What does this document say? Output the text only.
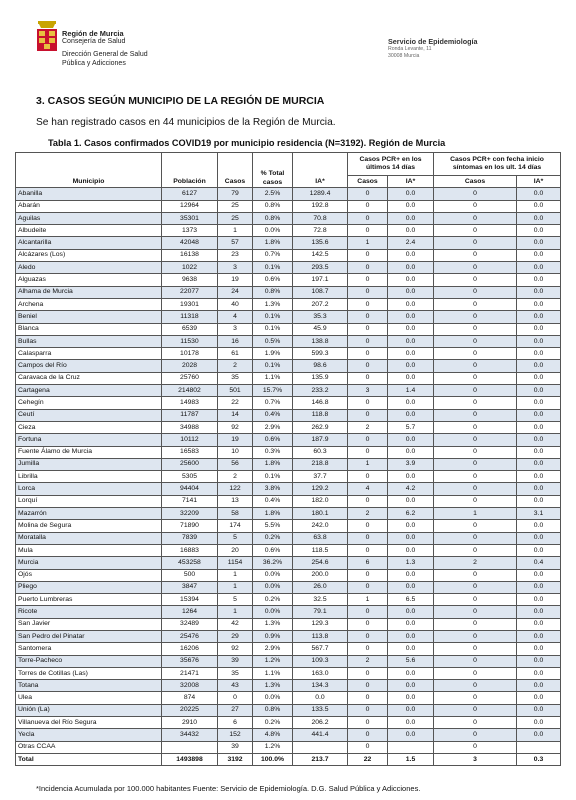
Región de Murcia
Consejería de Salud
Dirección General de Salud
Pública y Adicciones
Servicio de Epidemiología
Ronda Levante, 11
30008 Murcia
3. CASOS SEGÚN MUNICIPIO DE LA REGIÓN DE MURCIA
Se han registrado casos en 44 municipios de la Región de Murcia.
Tabla 1. Casos confirmados COVID19 por municipio residencia (N=3192). Región de Murcia
Municipio	Población	Casos	% Total casos	IA*	Casos PCR+ en los últimos 14 días		Casos PCR+ con fecha inicio síntomas en los ult. 14 días	
					Casos	IA*	Casos	IA*
Abanilla	6127	79	2.5%	1289.4	0	0.0	0	0.0
Abarán	12964	25	0.8%	192.8	0	0.0	0	0.0
Aguilas	35301	25	0.8%	70.8	0	0.0	0	0.0
Albudeite	1373	1	0.0%	72.8	0	0.0	0	0.0
Alcantarilla	42048	57	1.8%	135.6	1	2.4	0	0.0
Alcázares (Los)	16138	23	0.7%	142.5	0	0.0	0	0.0
Aledo	1022	3	0.1%	293.5	0	0.0	0	0.0
Alguazas	9638	19	0.6%	197.1	0	0.0	0	0.0
Alhama de Murcia	22077	24	0.8%	108.7	0	0.0	0	0.0
Archena	19301	40	1.3%	207.2	0	0.0	0	0.0
Beniel	11318	4	0.1%	35.3	0	0.0	0	0.0
Blanca	6539	3	0.1%	45.9	0	0.0	0	0.0
Bullas	11530	16	0.5%	138.8	0	0.0	0	0.0
Calasparra	10178	61	1.9%	599.3	0	0.0	0	0.0
Campos del Río	2028	2	0.1%	98.6	0	0.0	0	0.0
Caravaca de la Cruz	25760	35	1.1%	135.9	0	0.0	0	0.0
Cartagena	214802	501	15.7%	233.2	3	1.4	0	0.0
Cehegín	14983	22	0.7%	146.8	0	0.0	0	0.0
Ceutí	11787	14	0.4%	118.8	0	0.0	0	0.0
Cieza	34988	92	2.9%	262.9	2	5.7	0	0.0
Fortuna	10112	19	0.6%	187.9	0	0.0	0	0.0
Fuente Álamo de Murcia	16583	10	0.3%	60.3	0	0.0	0	0.0
Jumilla	25600	56	1.8%	218.8	1	3.9	0	0.0
Librilla	5305	2	0.1%	37.7	0	0.0	0	0.0
Lorca	94404	122	3.8%	129.2	4	4.2	0	0.0
Lorquí	7141	13	0.4%	182.0	0	0.0	0	0.0
Mazarrón	32209	58	1.8%	180.1	2	6.2	1	3.1
Molina de Segura	71890	174	5.5%	242.0	0	0.0	0	0.0
Moratalla	7839	5	0.2%	63.8	0	0.0	0	0.0
Mula	16883	20	0.6%	118.5	0	0.0	0	0.0
Murcia	453258	1154	36.2%	254.6	6	1.3	2	0.4
Ojós	500	1	0.0%	200.0	0	0.0	0	0.0
Pliego	3847	1	0.0%	26.0	0	0.0	0	0.0
Puerto Lumbreras	15394	5	0.2%	32.5	1	6.5	0	0.0
Ricote	1264	1	0.0%	79.1	0	0.0	0	0.0
San Javier	32489	42	1.3%	129.3	0	0.0	0	0.0
San Pedro del Pinatar	25476	29	0.9%	113.8	0	0.0	0	0.0
Santomera	16206	92	2.9%	567.7	0	0.0	0	0.0
Torre-Pacheco	35676	39	1.2%	109.3	2	5.6	0	0.0
Torres de Cotillas (Las)	21471	35	1.1%	163.0	0	0.0	0	0.0
Totana	32008	43	1.3%	134.3	0	0.0	0	0.0
Ulea	874	0	0.0%	0.0	0	0.0	0	0.0
Unión (La)	20225	27	0.8%	133.5	0	0.0	0	0.0
Villanueva del Río Segura	2910	6	0.2%	206.2	0	0.0	0	0.0
Yecla	34432	152	4.8%	441.4	0	0.0	0	0.0
Otras CCAA		39	1.2%		0		0	
Total	1493898	3192	100.0%	213.7	22	1.5	3	0.3
*Incidencia Acumulada por 100.000 habitantes Fuente: Servicio de Epidemiología. D.G. Salud Pública y Adicciones.
